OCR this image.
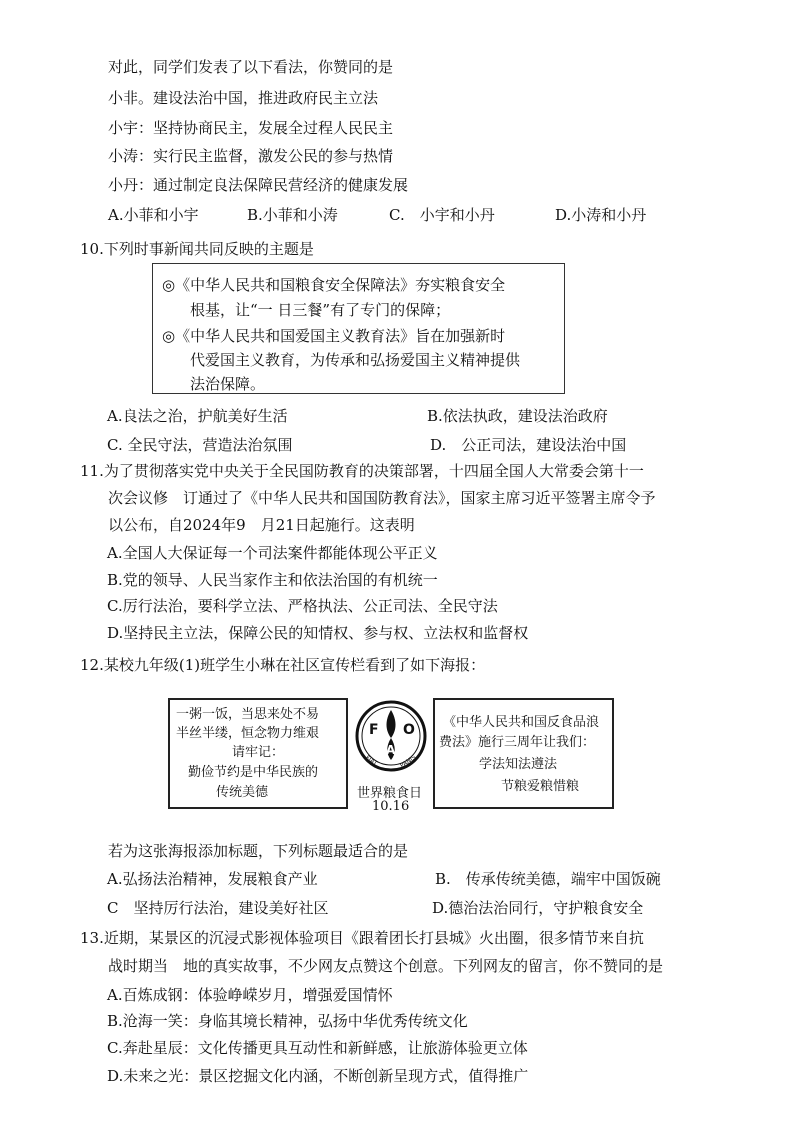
对此，同学们发表了以下看法，你赞同的是
小非。建设法治中国，推进政府民主立法
小宇：坚持协商民主，发展全过程人民民主
小涛：实行民主监督，激发公民的参与热情
小丹：通过制定良法保障民营经济的健康发展
A.小菲和小宇	B.小菲和小涛	C.　小宇和小丹	D.小涛和小丹
10.下列时事新闻共同反映的主题是
◎《中华人民共和国粮食安全保障法》夯实粮食安全
根基，让“一 日三餐”有了专门的保障；
◎《中华人民共和国爱国主义教育法》旨在加强新时
代爱国主义教育，为传承和弘扬爱国主义精神提供
法治保障。
A.良法之治，护航美好生活	B.依法执政，建设法治政府
C. 全民守法，营造法治氛围	D.　公正司法，建设法治中国
11.为了贯彻落实党中央关于全民国防教育的决策部署，十四届全国人大常委会第十一
次会议修　订通过了《中华人民共和国国防教育法》，国家主席习近平签署主席令予
以公布，自2024年9　月21日起施行。这表明
A.全国人大保证每一个司法案件都能体现公平正义
B.党的领导、人民当家作主和依法治国的有机统一
C.厉行法治，要科学立法、严格执法、公正司法、全民守法
D.坚持民主立法，保障公民的知情权、参与权、立法权和监督权
12.某校九年级(1)班学生小琳在社区宣传栏看到了如下海报：
一粥一饭，当思来处不易
半丝半缕，恒念物力维艰
请牢记：
勤俭节约是中华民族的
传统美德
F
A
O
FIAT	PANIS
世界粮食日
10.16
《中华人民共和国反食品浪
费法》施行三周年让我们：
学法知法遵法
节粮爱粮惜粮
若为这张海报添加标题，下列标题最适合的是
A.弘扬法治精神，发展粮食产业	B.　传承传统美德，端牢中国饭碗
C　坚持厉行法治，建设美好社区	D.德治法治同行，守护粮食安全
13.近期，某景区的沉浸式影视体验项目《跟着团长打县城》火出圈，很多情节来自抗
战时期当　地的真实故事，不少网友点赞这个创意。下列网友的留言，你不赞同的是
A.百炼成钢：体验峥嵘岁月，增强爱国情怀
B.沧海一笑：身临其境长精神，弘扬中华优秀传统文化
C.奔赴星辰：文化传播更具互动性和新鲜感，让旅游体验更立体
D.未来之光：景区挖掘文化内涵，不断创新呈现方式，值得推广
